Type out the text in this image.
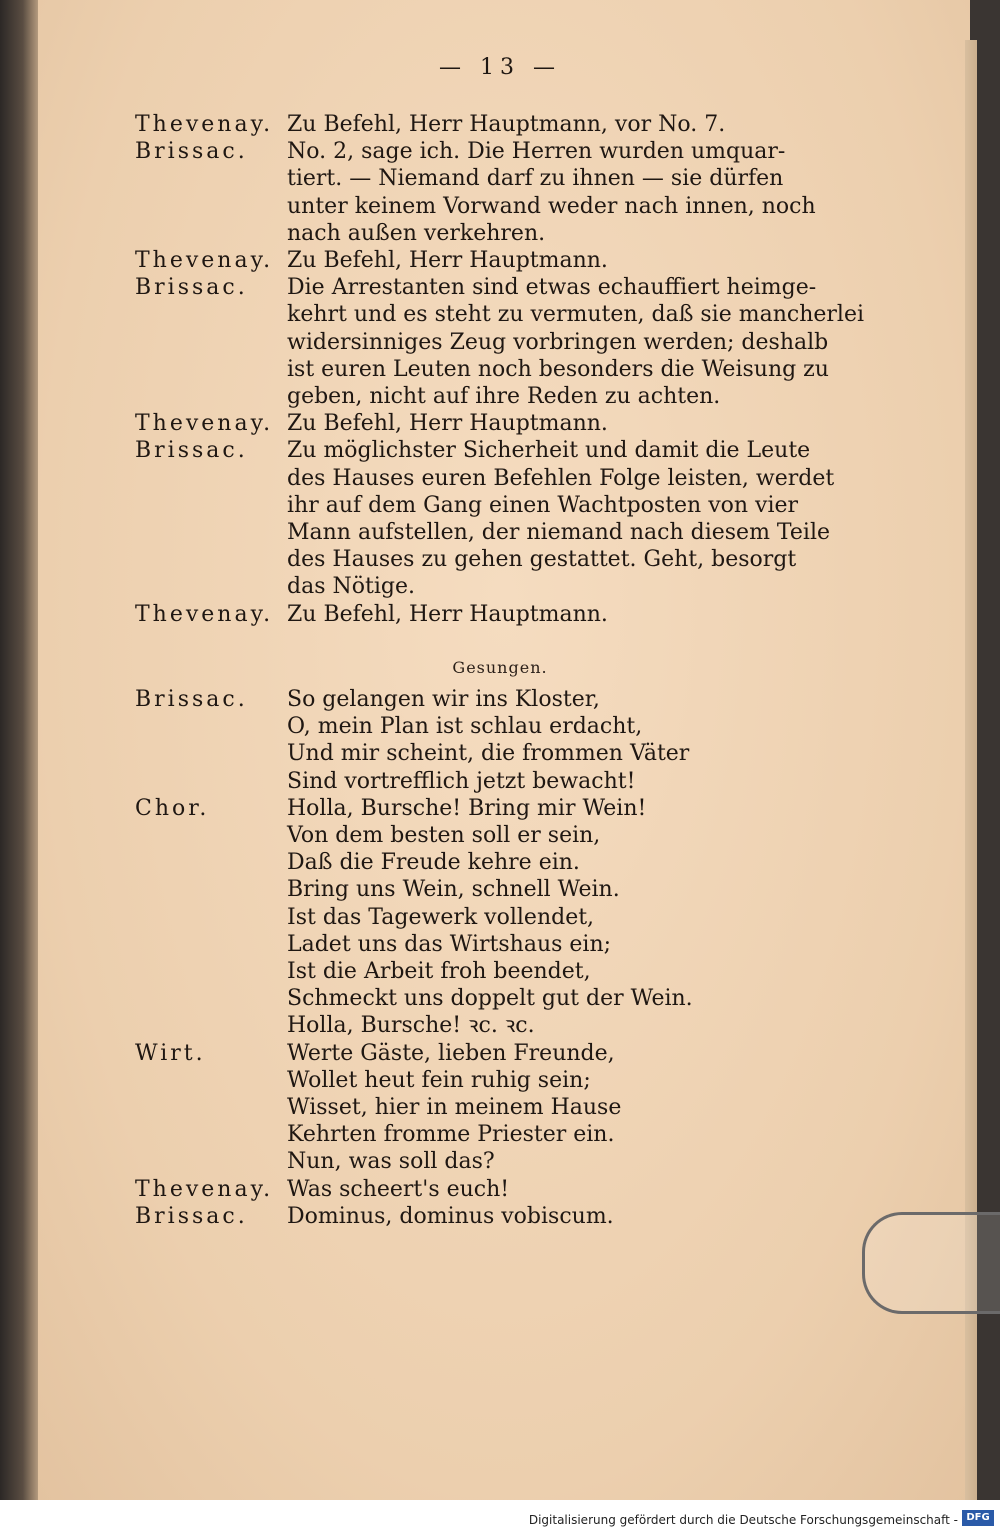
— 13 —
Thevenay. Zu Befehl, Herr Hauptmann, vor No. 7.
Brissac. No. 2, sage ich. Die Herren wurden umquar-
tiert. — Niemand darf zu ihnen — sie dürfen
unter keinem Vorwand weder nach innen, noch
nach außen verkehren.
Thevenay. Zu Befehl, Herr Hauptmann.
Brissac. Die Arrestanten sind etwas echauffiert heimge-
kehrt und es steht zu vermuten, daß sie mancherlei
widersinniges Zeug vorbringen werden; deshalb
ist euren Leuten noch besonders die Weisung zu
geben, nicht auf ihre Reden zu achten.
Thevenay. Zu Befehl, Herr Hauptmann.
Brissac. Zu möglichster Sicherheit und damit die Leute
des Hauses euren Befehlen Folge leisten, werdet
ihr auf dem Gang einen Wachtposten von vier
Mann aufstellen, der niemand nach diesem Teile
des Hauses zu gehen gestattet. Geht, besorgt
das Nötige.
Thevenay. Zu Befehl, Herr Hauptmann.
Brissac. So gelangen wir ins Kloster,
O, mein Plan ist schlau erdacht,
Und mir scheint, die frommen Väter
Sind vortrefflich jetzt bewacht!
Chor.	Holla, Bursche! Bring mir Wein!
Von dem besten soll er sein,
Daß die Freude kehre ein.
Bring uns Wein, schnell Wein.
Ist das Tagewerk vollendet,
Ladet uns das Wirtshaus ein;
Ist die Arbeit froh beendet,
Schmeckt uns doppelt gut der Wein.
Holla, Bursche! ꝛc. ꝛc.
Wirt.	Werte Gäste, lieben Freunde,
Wollet heut fein ruhig sein;
Wisset, hier in meinem Hause
Kehrten fromme Priester ein.
Nun, was soll das?
Thevenay. Was scheert's euch!
Brissac. Dominus, dominus vobiscum.
Gesungen.
Digitalisierung gefördert durch die Deutsche Forschungsgemeinschaft - DFG
